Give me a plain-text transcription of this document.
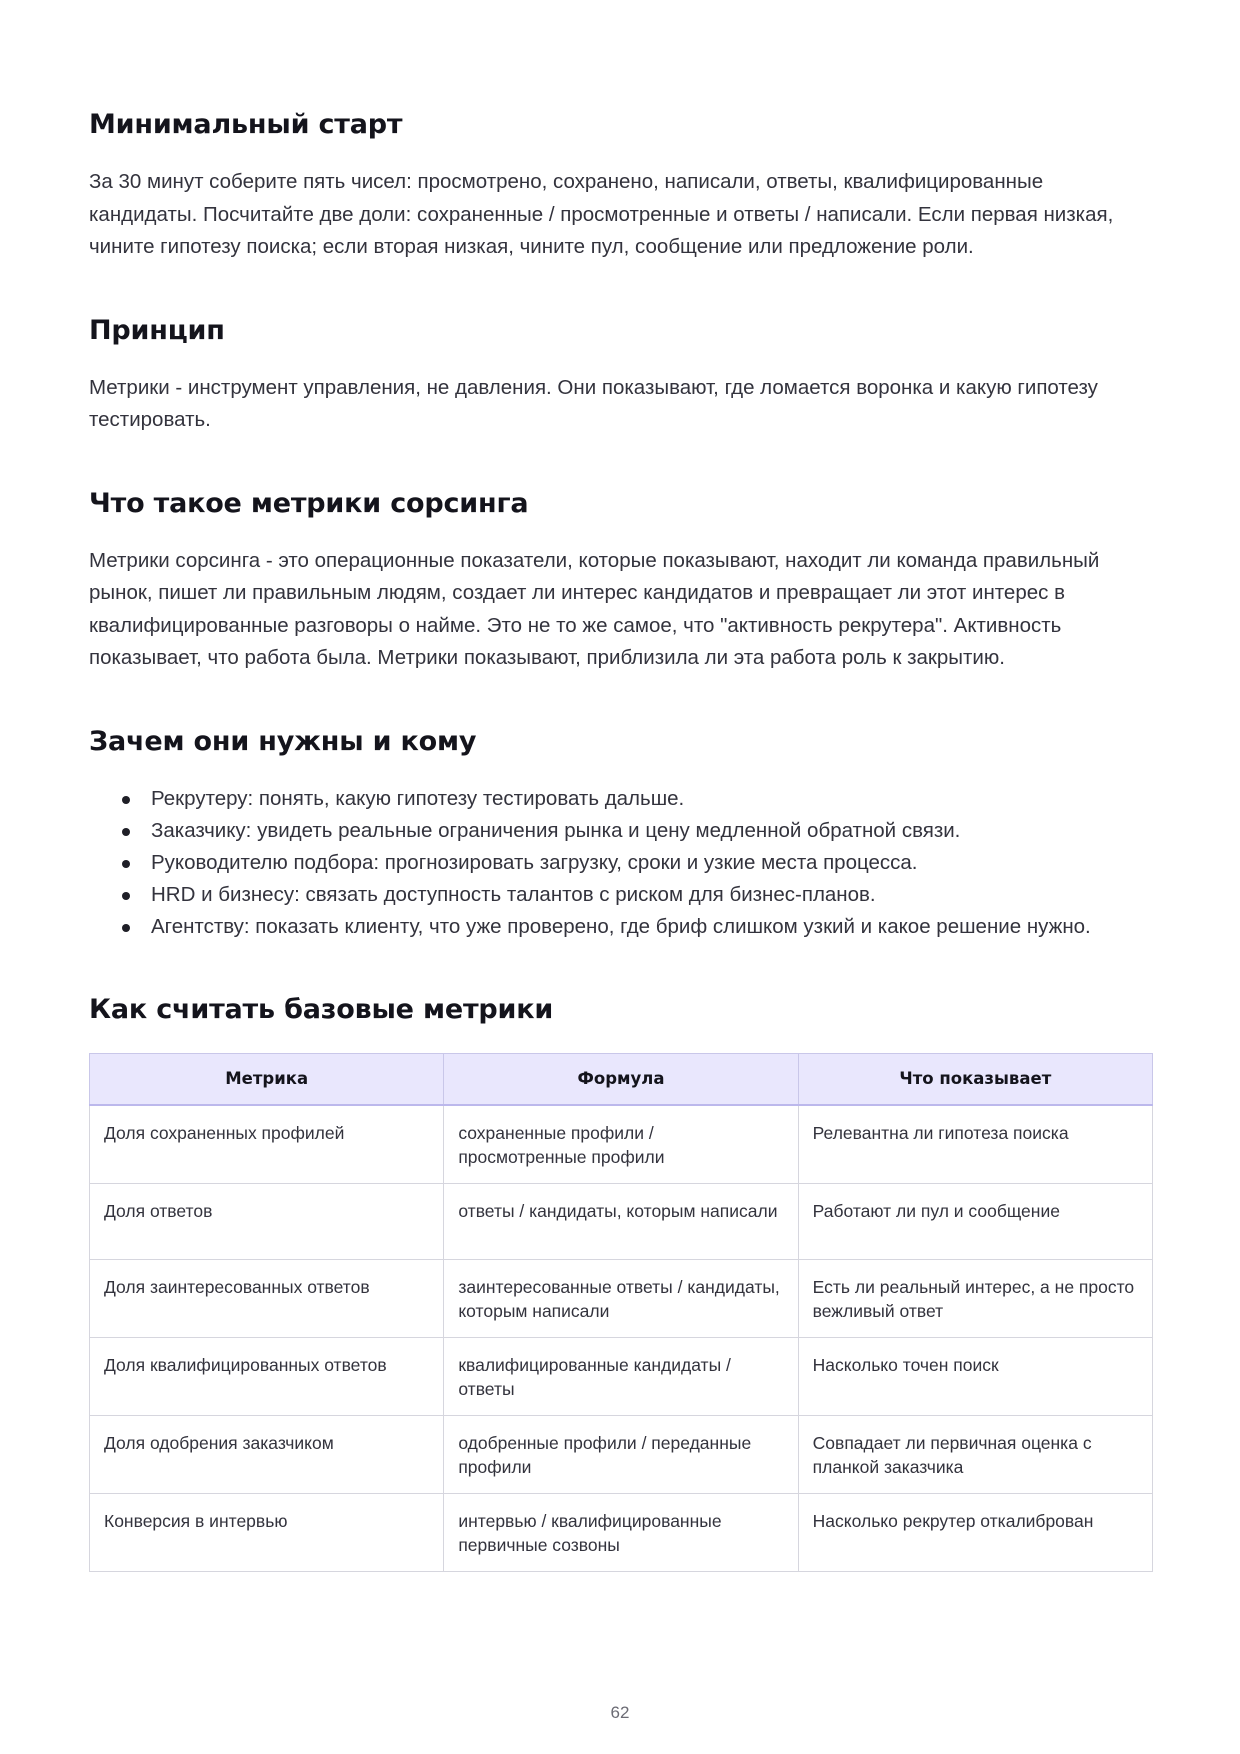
Минимальный старт

За 30 минут соберите пять чисел: просмотрено, сохранено, написали, ответы, квалифицированные кандидаты. Посчитайте две доли: сохраненные / просмотренные и ответы / написали. Если первая низкая, чините гипотезу поиска; если вторая низкая, чините пул, сообщение или предложение роли.

Принцип

Метрики - инструмент управления, не давления. Они показывают, где ломается воронка и какую гипотезу тестировать.

Что такое метрики сорсинга

Метрики сорсинга - это операционные показатели, которые показывают, находит ли команда правильный рынок, пишет ли правильным людям, создает ли интерес кандидатов и превращает ли этот интерес в квалифицированные разговоры о найме. Это не то же самое, что "активность рекрутера". Активность показывает, что работа была. Метрики показывают, приблизила ли эта работа роль к закрытию.

Зачем они нужны и кому
Рекрутеру: понять, какую гипотезу тестировать дальше.
Заказчику: увидеть реальные ограничения рынка и цену медленной обратной связи.
Руководителю подбора: прогнозировать загрузку, сроки и узкие места процесса.
HRD и бизнесу: связать доступность талантов с риском для бизнес-планов.
Агентству: показать клиенту, что уже проверено, где бриф слишком узкий и какое решение нужно.
Как считать базовые метрики
Метрика	Формула	Что показывает
Доля сохраненных профилей	сохраненные профили / просмотренные профили	Релевантна ли гипотеза поиска
Доля ответов	ответы / кандидаты, которым написали	Работают ли пул и сообщение
Доля заинтересованных ответов	заинтересованные ответы / кандидаты, которым написали	Есть ли реальный интерес, а не просто вежливый ответ
Доля квалифицированных ответов	квалифицированные кандидаты / ответы	Насколько точен поиск
Доля одобрения заказчиком	одобренные профили / переданные профили	Совпадает ли первичная оценка с планкой заказчика
Конверсия в интервью	интервью / квалифицированные первичные созвоны	Насколько рекрутер откалиброван
62
